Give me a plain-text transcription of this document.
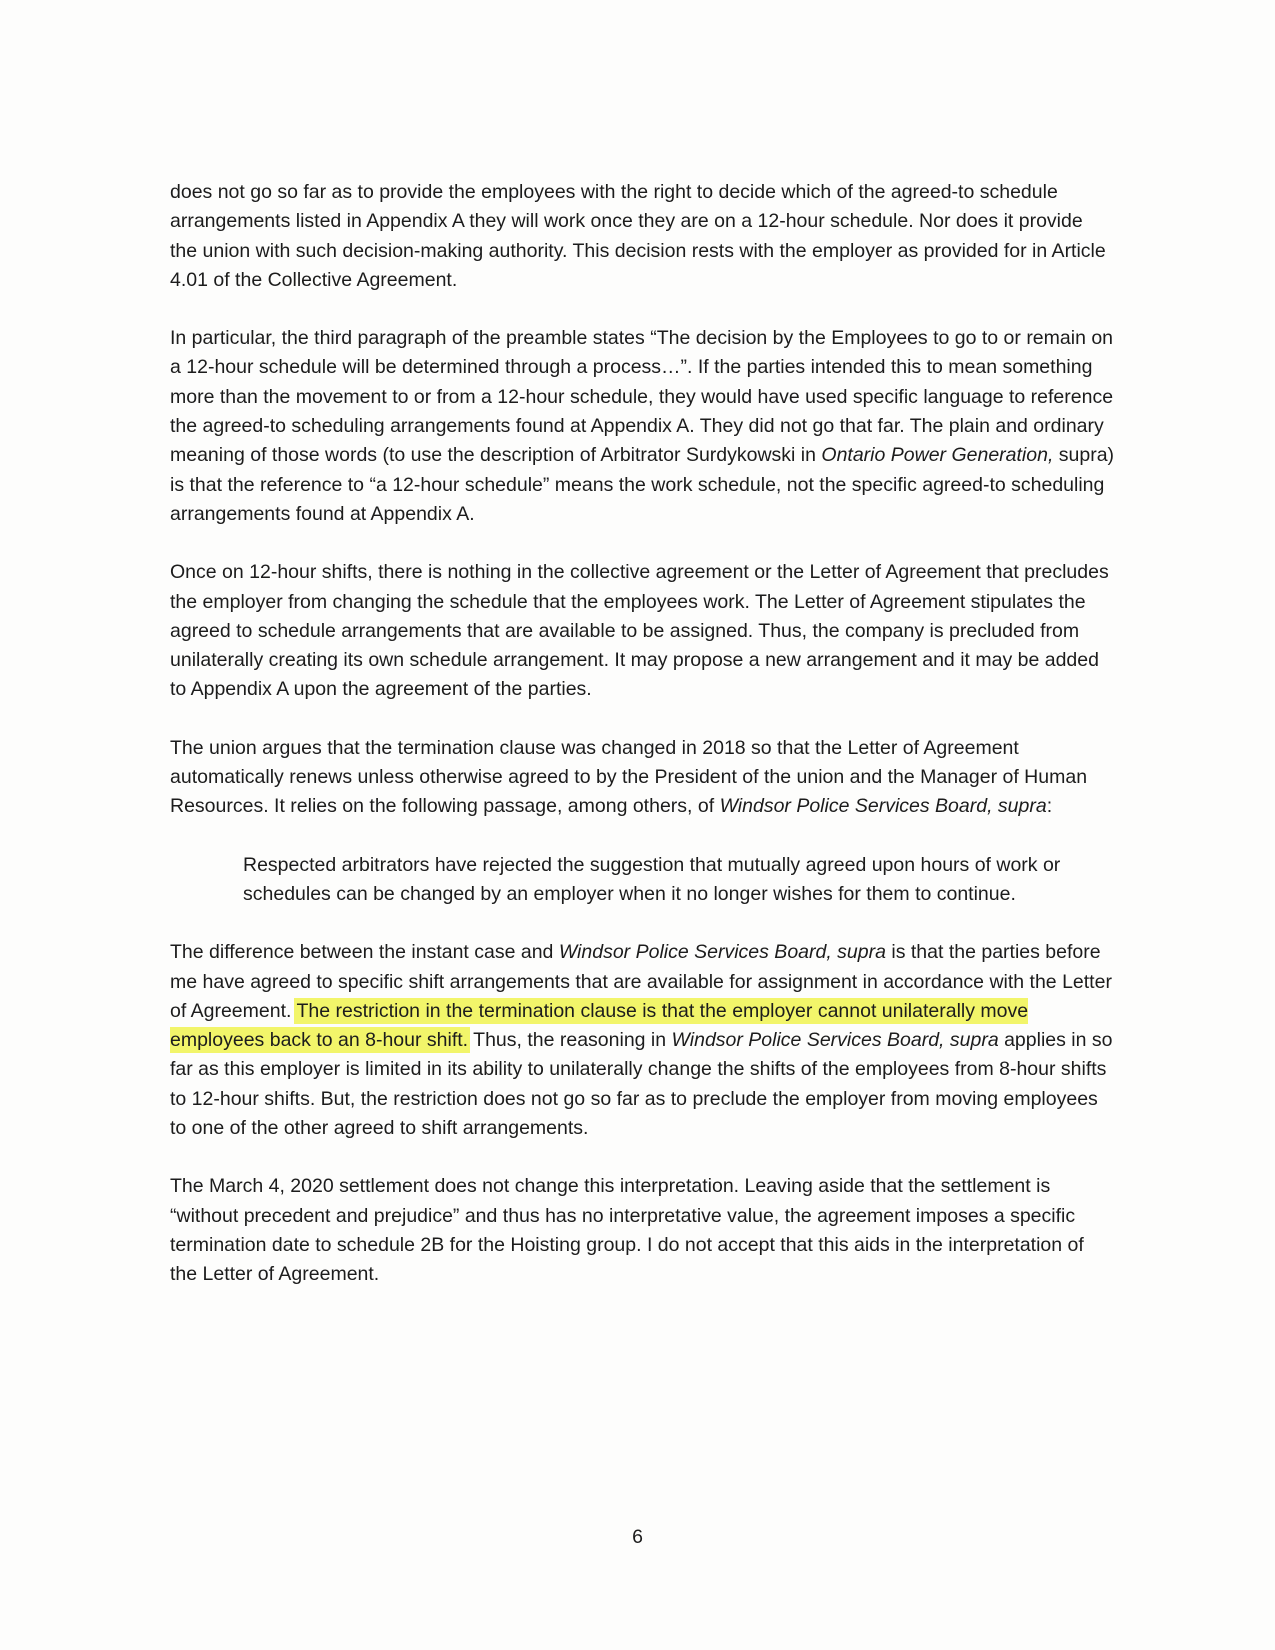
does not go so far as to provide the employees with the right to decide which of the agreed-to schedule arrangements listed in Appendix A they will work once they are on a 12-hour schedule. Nor does it provide the union with such decision-making authority. This decision rests with the employer as provided for in Article 4.01 of the Collective Agreement.

In particular, the third paragraph of the preamble states “The decision by the Employees to go to or remain on a 12-hour schedule will be determined through a process…”. If the parties intended this to mean something more than the movement to or from a 12-hour schedule, they would have used specific language to reference the agreed-to scheduling arrangements found at Appendix A. They did not go that far. The plain and ordinary meaning of those words (to use the description of Arbitrator Surdykowski in Ontario Power Generation, supra) is that the reference to “a 12-hour schedule” means the work schedule, not the specific agreed-to scheduling arrangements found at Appendix A.

Once on 12-hour shifts, there is nothing in the collective agreement or the Letter of Agreement that precludes the employer from changing the schedule that the employees work. The Letter of Agreement stipulates the agreed to schedule arrangements that are available to be assigned. Thus, the company is precluded from unilaterally creating its own schedule arrangement. It may propose a new arrangement and it may be added to Appendix A upon the agreement of the parties.

The union argues that the termination clause was changed in 2018 so that the Letter of Agreement automatically renews unless otherwise agreed to by the President of the union and the Manager of Human Resources. It relies on the following passage, among others, of Windsor Police Services Board, supra:

Respected arbitrators have rejected the suggestion that mutually agreed upon hours of work or schedules can be changed by an employer when it no longer wishes for them to continue.

The difference between the instant case and Windsor Police Services Board, supra is that the parties before me have agreed to specific shift arrangements that are available for assignment in accordance with the Letter of Agreement. The restriction in the termination clause is that the employer cannot unilaterally move employees back to an 8-hour shift. Thus, the reasoning in Windsor Police Services Board, supra applies in so far as this employer is limited in its ability to unilaterally change the shifts of the employees from 8-hour shifts to 12-hour shifts. But, the restriction does not go so far as to preclude the employer from moving employees to one of the other agreed to shift arrangements.

The March 4, 2020 settlement does not change this interpretation. Leaving aside that the settlement is “without precedent and prejudice” and thus has no interpretative value, the agreement imposes a specific termination date to schedule 2B for the Hoisting group. I do not accept that this aids in the interpretation of the Letter of Agreement.

6
